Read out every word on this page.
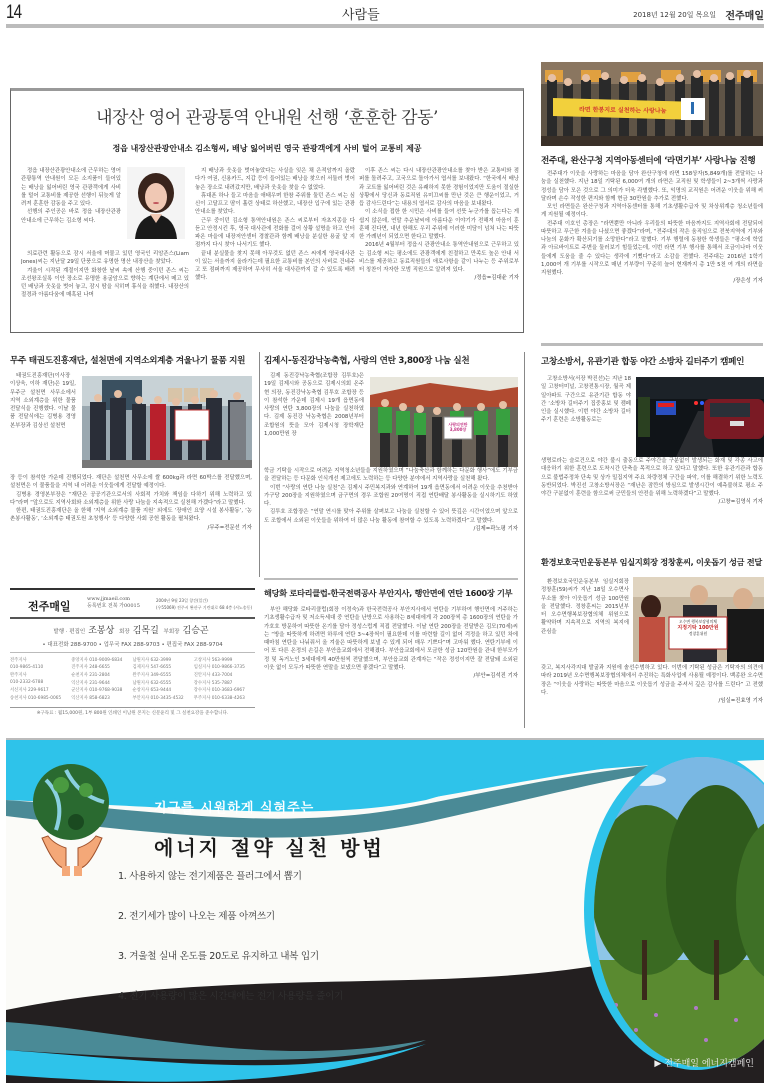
14	사람들	2018년 12월 20일 목요일 전주매일
내장산 영어 관광통역 안내원 선행 ‘훈훈한 감동’
정읍 내장산관광안내소 김소형씨, 배낭 잃어버린 영국 관광객에게 사비 털어 교통비 제공

정읍 내장산관광안내소에 근무하는 영어 관광통역 안내원이 모든 소지품이 들어있는 배낭을 잃어버린 영국 관광객에게 사비를 털어 교통비를 제공한 선행이 뒤늦게 알려져 훈훈한 감동을 주고 있다.

선행의 주인공은 바로 정읍 내장산관광안내소에 근무하는 김소형 씨다.

의료관련 활동으로 잠시 서울에 머물고 있던 영국인 리암존스(Liam Jones)씨는 지난달 29일 단풍으로 유명한 명산 내장산을 찾았다.

겨울이 시작된 계절이지만 화창한 날씨 속에 산행 중이던 존스 씨는 조선왕조실록 이안 장소로 유명한 용굴암으로 향하는 계단에서 메고 있던 배낭과 웃옷을 벗어 놓고, 잠시 땀을 식히며 휴식을 취했다. 내장산의 절경과 아름다움에 매혹된 나머

지 배낭과 웃옷을 벗어놓았다는 사실을 잊은 채 은적암까지 올랐다가 여권, 신용카드, 지갑 등이 들어있는 배낭을 찾으러 서둘러 벗어놓은 장소로 내려갔지만, 배낭과 웃옷을 찾을 수 없었다.

휴대폰 하나 들고 마음을 애태우며 한참 주위를 둘던 존스 씨는 심신이 고달프고 땀이 흘린 상태로 하산했고, 내장산 입구에 있는 관광안내소를 찾았다.

근무 중이던 김소형 통역안내원은 존스 씨로부터 자초지종을 다 듣고 안정시킨 후, 영국 대사관에 전화를 걸어 상황 설명을 하고 인터파온 마을에 내장저안센터 경찰관과 함께 배낭을 분실한 용굴 앞 지점까지 다시 찾아 나서기도 했다.

끝내 분실물을 찾지 못해 아무것도 없던 존스 씨에게 영국대사관이 있는 서울까지 올라가는데 필요한 교통비를 본인의 사비로 건네주고 또 점퍼까지 제공하여 무사히 서울 대사관까지 갈 수 있도록 배려했다.

이후 존스 씨는 다시 내장산관광안내소를 찾아 받은 교통비와 점퍼를 돌려주고, 고국으로 돌아가서 엽서를 보내왔다. “한국에서 배낭과 코트를 잃어버린 것은 유쾌하지 못한 경험이었지만 도움이 절실한 상황에서 당신과 동료직원 유미끄씨를 만난 것은 큰 행운이었고, 거듭 감사드린다”는 내용의 엽서로 감사의 마음을 보내왔다.

이 소식을 접한 한 시민은 사비를 들여 선뜻 누군가를 돕는다는 게 쉽지 않은데, 연말 추운날씨에 아름다운 이야기가 전해져 마음이 훈훈해 진다면, 내년 한해도 우리 주위에 이러한 미담이 넘쳐 나는 따뜻한 가례년이 되었으면 한다고 말했다.

2016년 4월부터 정읍시 관광안내소 통역안내원으로 근무하고 있는 김소형 씨는 평소에도 관광객에게 친절하고 만족도 높은 안내 서비스를 제공하고 동료직원들의 애로사항을 같이 나누는 등 주위로부터 칭찬이 자자한 모범 직원으로 알려져 있다.

/정읍=김대윤 기자
라면 한봉지로 실천하는 사랑나눔
전주대, 완산구청 지역아동센터에 ‘라면기부’ 사랑나눔 진행

전주대가 이웃을 사랑하는 마음을 담아 완산구청에 라면 158상자(5,849개)를 전달하는 나눔을 실천했다. 지난 18일 기탁된 6,000여 개의 라면은 교직원 및 학생들이 2~3개씩 사랑과 정성을 담아 모은 것으로 그 의미가 더욱 각별했다. 또, 익명의 교직원은 어려운 이웃을 위해 써달라며 손수 작성한 편지와 함께 현금 30만원을 추가로 전했다.

모인 라면들은 완산구청과 지역아동센터를 통해 기초생활수급자 및 차상위계층 청소년들에게 지원될 예정이다.

전주대 이호인 총장은 “라면뿐만 아니라 우리들의 따뜻한 마음까지도 지역사회에 전달되어 따뜻하고 푸근한 겨울을 나셨으면 좋겠다”라며, “전주대의 작은 움직임으로 전북지역에 기부와 나눔의 문화가 확산되기를 소망한다”라고 말했다. 기부 행렬에 동참한 학생들은 “평소에 학업과 아르바이트로 주변을 둘러보기 힘들었는데, 이번 라면 기부 행사를 통해서 조금이나마 이웃들에게 도움을 줄 수 있다는 생각에 기뻤다”라고 소감을 전했다. 전주대는 2016년 1학기 1,000여 개 기부를 시작으로 매년 기부량이 꾸준히 늘어 현재까지 총 1만 5천 여 개의 라면을 지원했다.

/장은성 기자
무주 태권도진흥재단, 설천면에 지역소외계층 겨울나기 물품 지원

태권도진흥재단(이사장 이상욱, 이하 재단)은 19일, 무주군 설천면 사무소에서 지역 소외계층을 위한 물품 전달식을 진행했다. 이날 물품 전달식에는 김병용 경영본부장과 김상선 설천면

장 등이 참석한 가운데 진행되었다. 재단은 설천면 사무소에 쌀 600kg과 라면 60박스를 전달했으며, 설천면은 이 물품들을 지역 내 어려운 이웃들에게 전달할 예정이다.

김병용 경영본부장은 “재단은 공공기관으로서의 사회적 가치와 책임을 다하기 위해 노력하고 있다”라며 “앞으로도 지역사회와 소외계층을 위한 사랑 나눔을 지속적으로 실천해 가겠다”라고 말했다.

한편, 태권도진흥재단은 올 한해 ‘지역 소외계층 물품 지원’ 외에도 ‘장애인 요양 시설 봉사활동’, ‘농촌봉사활동’, ‘소외계층 태권도원 초청행사’ 등 다양한 사회 공헌 활동을 펼쳐왔다.

/무주=전문선 기자
김제시-동진강낙농축협, 사랑의 연탄 3,800장 나눔 실천

김제 동진강낙농축협(조합장 김투호)은 19일 김제시와 공동으로 김제시의회 온주현 의장, 동진강낙농축협 김투호 조합장 등이 참석한 가운데 김제시 19개 읍면동에 사랑의 연탄 3,800장의 나눔을 실천하였다. 김제 동진강 낙농축협은 2008년부터 조합원의 뜻을 모아 김제시청 장학재단 1,000만원 장

사랑의연탄 3,800장

학금 기탁을 시작으로 어려운 지역청소년들을 지원하였으며 “나눔축산과 함께하는 다문화 행사”에도 기부금을 전달하는 등 다문화 인식개선 제고에도 노력하는 등 다양한 분야에서 지역사랑을 실천해 왔다.

이번 “사랑의 연탄 나눔 실천”은 김제시 주민복지과와 연계하여 19개 읍면동에서 어려운 이웃을 추천받아 가구당 200장을 지원하였으며 금구면의 경우 조합원 20여명이 직접 연탄배달 봉사활동을 실시하기도 하였다.

김투호 조합장은 “연말 연시를 맞아 주위를 살펴보고 나눔을 실천할 수 있어 뜻깊은 시간이었으며 앞으로도 조합에서 소외된 이웃들을 위하여 더 많은 나눔 활동에 참여할 수 있도록 노력하겠다”고 말했다.

/김제=곽노평 기자
고창소방서, 유관기관 합동 야간 소방차 길터주기 캠페인

고창소방서(서장 박진선)는 지난 18일 고창터미널, 고창전통시장, 월곡 제일아파트 구간으로 유관기관 합동 야간 ‘소방차 길터주기 집중홍보 및 캠페인을 실시했다. 이번 야간 소방차 길터주기 훈련은 소방활동로는

생명로라는 슬로건으로 야간 불시 출동으로 주야간을 구분없이 발생되는 화재 및 각종 사고에 대응하기 위한 훈련으로 도착시간 단축을 목적으로 하고 있다고 말했다. 또한 유관기관과 합동으로 불법주정차 단속 및 상가 밀집지역 주요 차량정체 구간을 파악, 이를 해결하기 위한 노력도 동반되었다. 박진선 고창소방서장은 “재난은 잠깐의 방심으로 발생시간이 예측불허로 평소 주야간 구분없이 훈련을 함으로써 군민들의 안전을 위해 노력하겠다”고 말했다.

/고창=김영식 기자
환경보호국민운동본부 임실지회장 정창훈씨, 이웃돕기 성금 전달

환경보호국민운동본부 임실지회장 정창훈(59)씨가 지난 18일 오수면사무소를 찾아 이웃돕기 성금 100만원을 전달했다. 정창훈씨는 2015년부터 오수면행복보장협의체 위원으로 활약하며 지속적으로 지역의 복지에 관심을

오수면 행복보장협의체
지정기탁 100만원
정창훈위원

갖고, 복지사각지대 발굴과 지원에 솔선수범하고 있다. 이번에 기탁된 성금은 기탁자의 의견에 따라 2019년 오수면행복보장협의체에서 추진하는 특화사업에 사용될 예정이다. 백종완 오수면장은 “이웃을 사랑하는 따뜻한 마음으로 이웃돕기 성금을 주셔서 깊은 감사를 드린다” 고 전했다.

/임실=진효영 기자
해당화 로타리클럽-한국전력공사 부안지사, 행안면에 연탄 1600장 기부

부안 해당화 로타리클럽(회장 이정숙)과 한국전력공사 부안지사에서 연탄을 기부하여 행안면에 거주하는 기초생활수급자 및 저소득세대 중 연탄을 난방으로 사용하는 8세대에게 각 200장씩 총 1600장의 연탄을 가가호호 방문하여 따뜻한 온기를 담아 정성스럽게 직접 전달했다. 이날 연탄 200장을 전달받은 김모(70세)씨는 “방을 따뜻하게 하려면 하루에 연탄 3~4장씩이 필요한데 이를 마련할 길이 없어 걱정을 하고 있던 차에 때마침 연탄을 나눠줘서 올 겨울은 따뜻하게 보낼 수 있게 되어 매우 기쁘다”며 고마워 했다. 연탄기부에 이어 또 다른 온정의 손길은 부안읍교회에서 전해졌다. 부안읍교회에서 모금한 성금 120만원을 관내 한부모가정 및 독거노인 3세대에게 40만원씩 전달했으며, 부안읍교회 관계자는 “작은 정성이지만 잘 전달돼 소외된 이웃 없이 모두가 따뜻한 연말을 보냈으면 좋겠다”고 말했다.

/부안=김석진 기자
전주매일
www.jjmaeil.com
등록번호 전북 가00015
2004년 9월 23일 창간(일간)
(우55069) 전주시 완산구 기린대로 68 4층 (서노송동)
발행 · 편집인 조봉상 회장 김목길 부회장 김승곤
• 대표전화 288-9700 • 업무국 FAX 288-9703 • 편집국 FAX 288-9704
전주지사	중앙지사 010-9009-6834	남원지사 632-3999	고창지사 563-9999
010-9865-4110	진주지사 248-6655	김제지사 547-6655	임실지사 010-9866-3735
완주지사	순천지사 231-2804	완주지사 349-6555	진안지사 433-7004
010-2332-6788	익산지사 231-9644	남원지사 632-6555	장수지사 535-7887
서신지사 229-9617	군산지사 010-9768-9038	순창지사 653-9444	장수지사 010-3683-6967
송천지사 010-6985-0065	익산지사 858-6823	부안지사 010-3435-4532	무주지사 010-6338-4263
※구독료 : 월15,000원, 1부 800원 인쇄인 이남원 본지는 신문윤리 및 그 실천요강을 준수합니다.
지구를 시원하게 식혀주는
에너지 절약 실천 방법
1. 사용하지 않는 전기제품은 플러그에서 뽑기
2. 전기세가 많이 나오는 제품 아껴쓰기
3. 겨울철 실내 온도를 20도로 유지하고 내복 입기
4. 전기 사용량이 많은 시간대에는 전기 사용량을 줄이기
▶ 전주매일 에너지캠페인
